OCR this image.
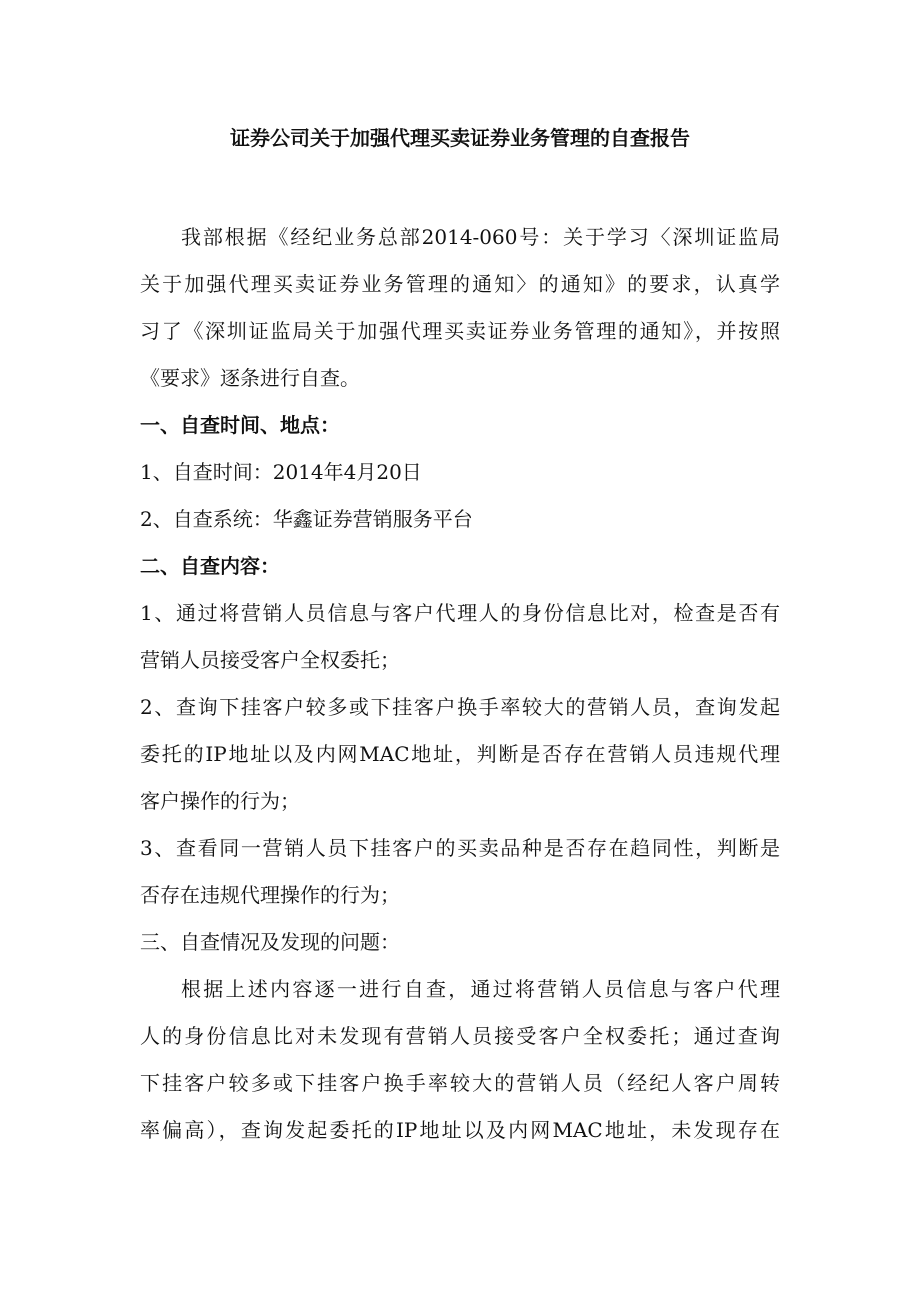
证券公司关于加强代理买卖证券业务管理的自查报告
我部根据《经纪业务总部2014-060号：关于学习〈深圳证监局
关于加强代理买卖证券业务管理的通知〉的通知》的要求，认真学
习了《深圳证监局关于加强代理买卖证券业务管理的通知》，并按照
《要求》逐条进行自查。
一、自查时间、地点：
1、自查时间：2014年4月20日
2、自查系统：华鑫证券营销服务平台
二、自查内容：
1、通过将营销人员信息与客户代理人的身份信息比对，检查是否有
营销人员接受客户全权委托；
2、查询下挂客户较多或下挂客户换手率较大的营销人员，查询发起
委托的IP地址以及内网MAC地址，判断是否存在营销人员违规代理
客户操作的行为；
3、查看同一营销人员下挂客户的买卖品种是否存在趋同性，判断是
否存在违规代理操作的行为；
三、自查情况及发现的问题：
根据上述内容逐一进行自查，通过将营销人员信息与客户代理
人的身份信息比对未发现有营销人员接受客户全权委托；通过查询
下挂客户较多或下挂客户换手率较大的营销人员（经纪人客户周转
率偏高），查询发起委托的IP地址以及内网MAC地址，未发现存在
